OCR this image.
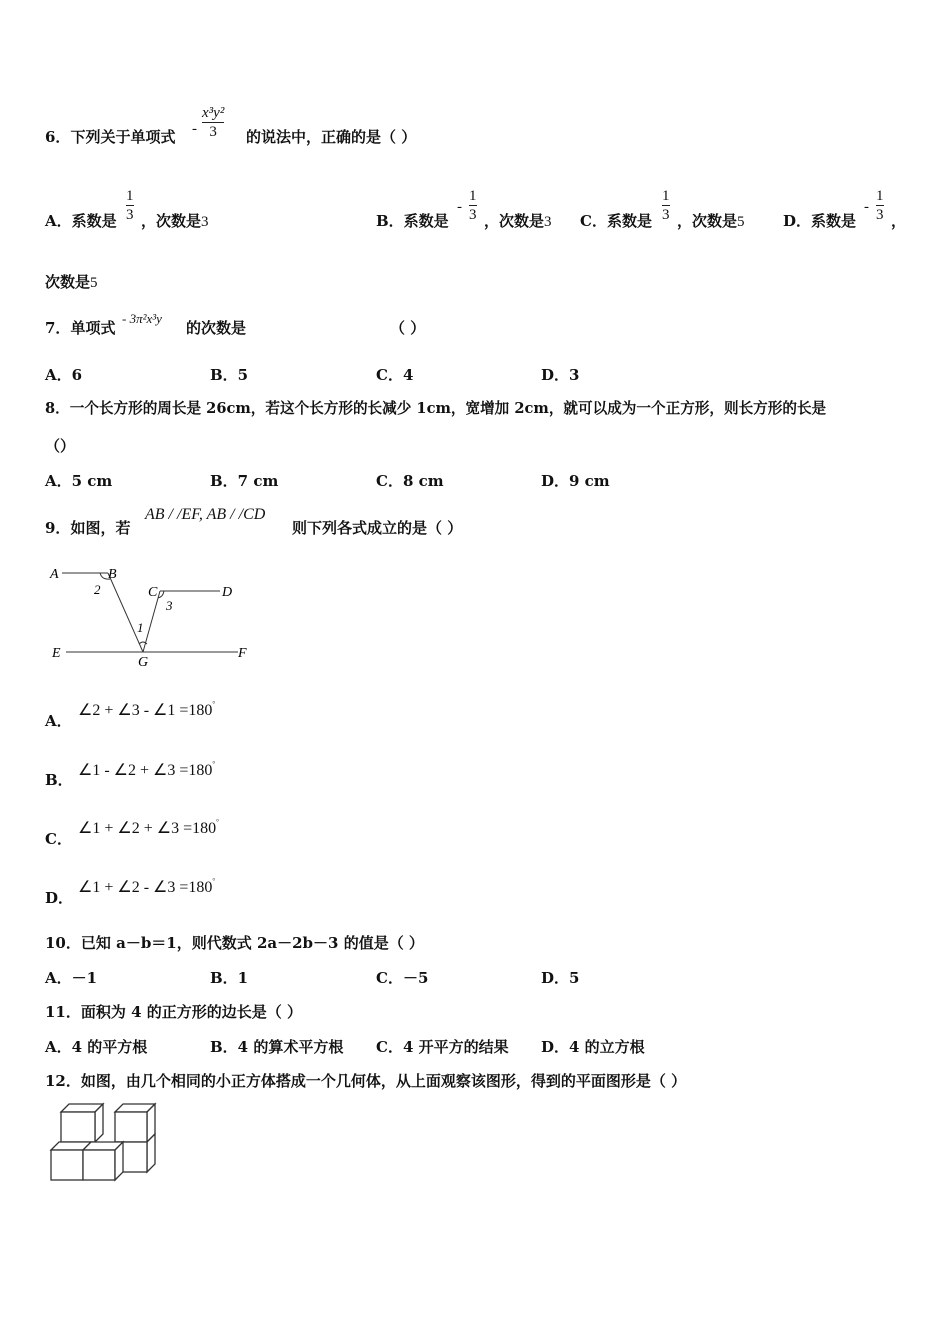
6．下列关于单项式 -
x³y²
3 的说法中，正确的是（ ）
A．系数是
1
3 ，次数是3	B．系数是
-
1
3 ，次数是3 C．系数是
1
3 ，次数是5	D．系数是
-
1
3 ，
次数是5
7．单项式
- 3π²x³y
的次数是	（ ）
A．6	B．5	C．4	D．3
8．一个长方形的周长是 26cm，若这个长方形的长减少 1cm，宽增加 2cm，就可以成为一个正方形，则长方形的长是
（）
A．5 cm	B．7 cm	C．8 cm	D．9 cm
9．如图，若
AB / /EF, AB / /CD
则下列各式成立的是（ ）
A	B
C	D
E	F
G
1
2
3
A．
∠2 + ∠3 - ∠1 =180°
B．
∠1 - ∠2 + ∠3 =180°
C．
∠1 + ∠2 + ∠3 =180°
D．
∠1 + ∠2 - ∠3 =180°
10．已知 a－b＝1，则代数式 2a－2b－3 的值是（ ）
A．－1	B．1	C．－5	D．5
11．面积为 4 的正方形的边长是（ ）
A．4 的平方根	B．4 的算术平方根 C．4 开平方的结果 D．4 的立方根
12．如图，由几个相同的小正方体搭成一个几何体，从上面观察该图形，得到的平面图形是（ ）
